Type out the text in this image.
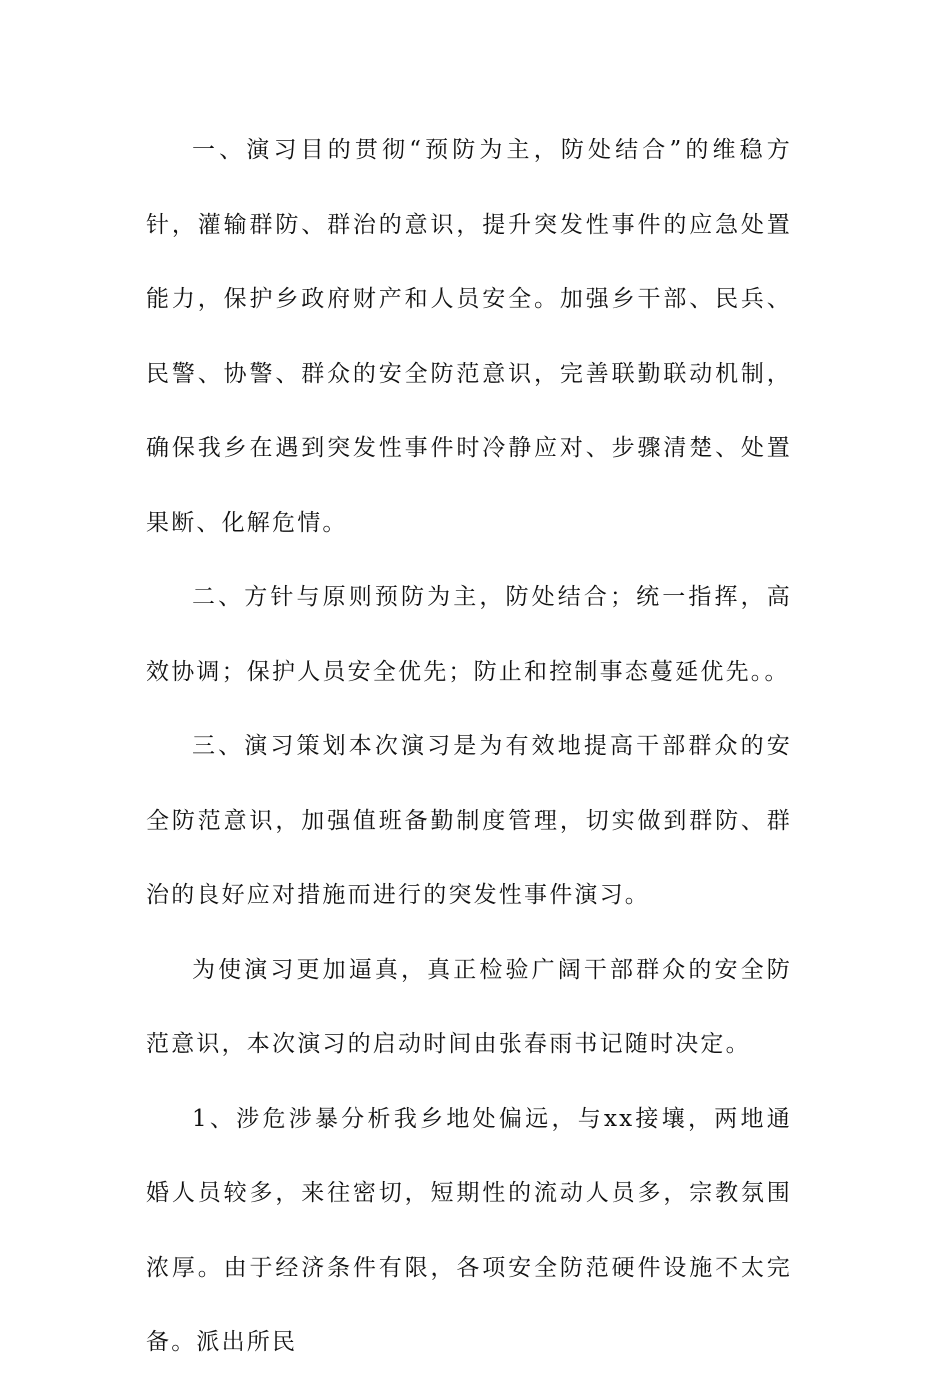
一、演习目的贯彻“预防为主，防处结合”的维稳方针，灌输群防、群治的意识，提升突发性事件的应急处置能力，保护乡政府财产和人员安全。加强乡干部、民兵、民警、协警、群众的安全防范意识，完善联勤联动机制，确保我乡在遇到突发性事件时冷静应对、步骤清楚、处置果断、化解危情。

二、方针与原则预防为主，防处结合；统一指挥，高效协调；保护人员安全优先；防止和控制事态蔓延优先。。

三、演习策划本次演习是为有效地提高干部群众的安全防范意识，加强值班备勤制度管理，切实做到群防、群治的良好应对措施而进行的突发性事件演习。

为使演习更加逼真，真正检验广阔干部群众的安全防范意识，本次演习的启动时间由张春雨书记随时决定。

1、涉危涉暴分析我乡地处偏远，与xx接壤，两地通婚人员较多，来往密切，短期性的流动人员多，宗教氛围浓厚。由于经济条件有限，各项安全防范硬件设施不太完备。派出所民
